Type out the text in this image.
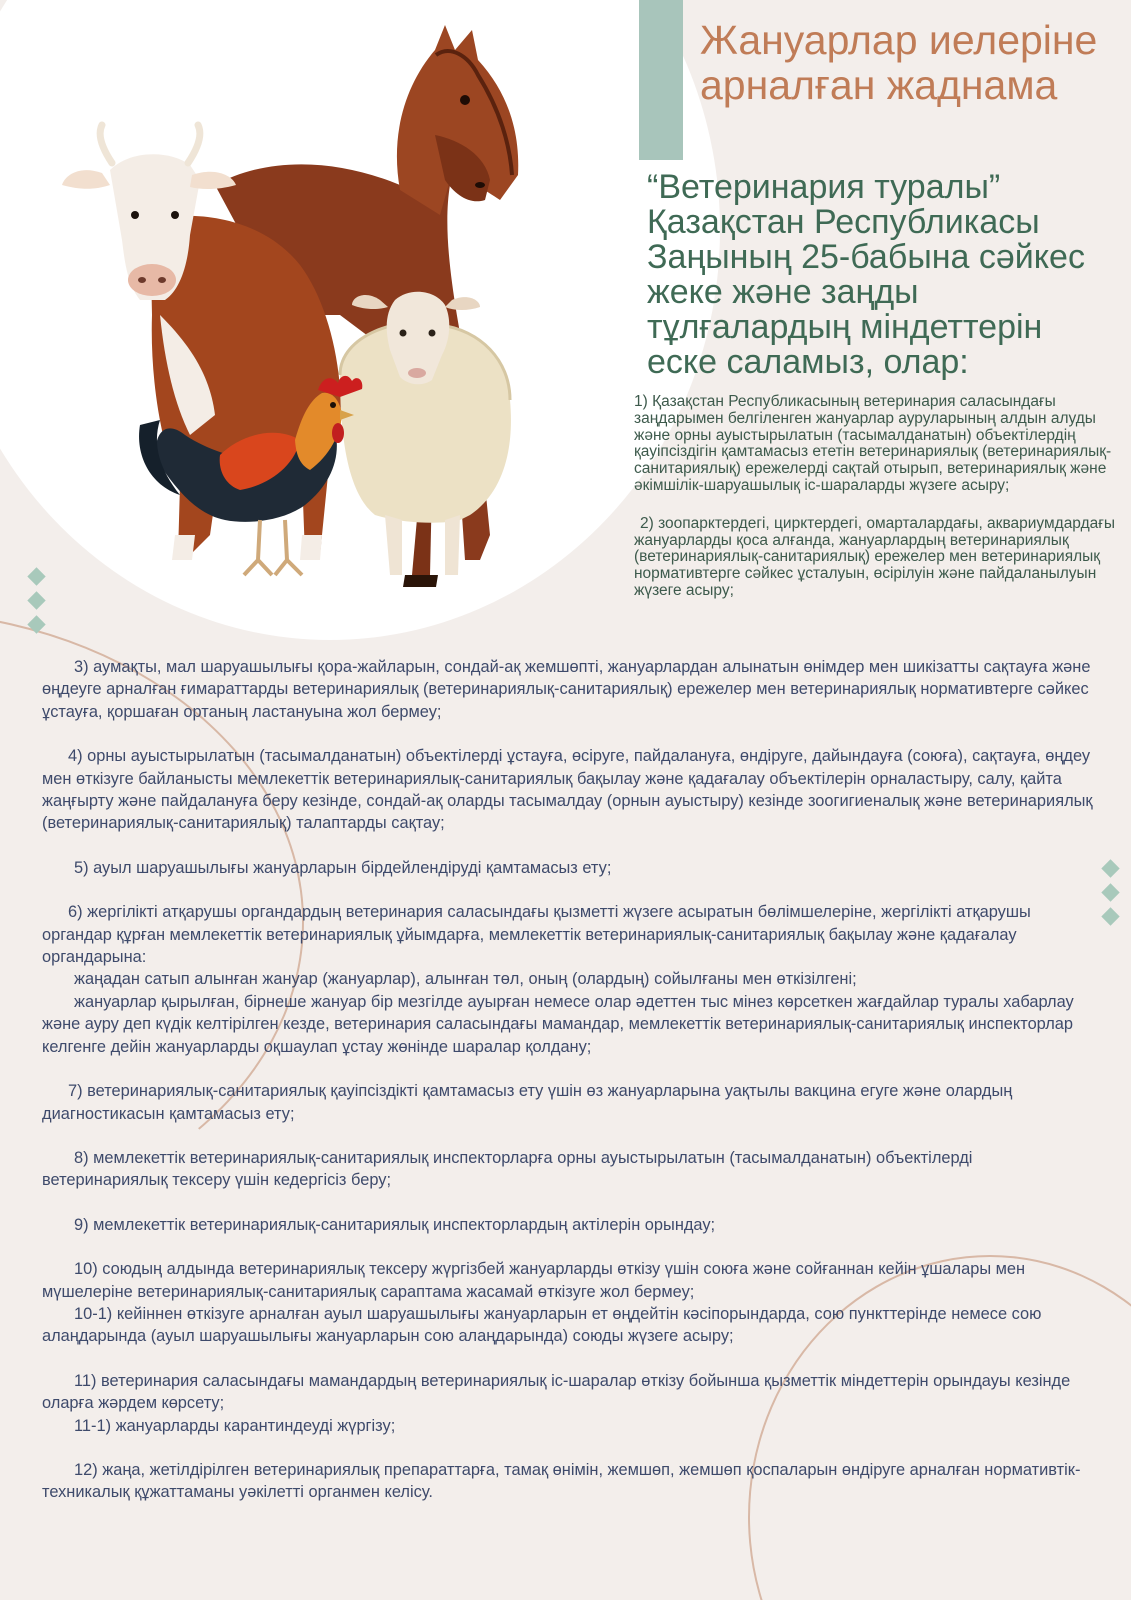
Жануарлар иелеріне арналған жаднама
“Ветеринария туралы” Қазақстан Республикасы Заңының 25-бабына сәйкес жеке және заңды тұлғалардың міндеттерін еске саламыз, олар:

1) Қазақстан Республикасының ветеринария саласындағы заңдарымен белгіленген жануарлар ауруларының алдын алуды және орны ауыстырылатын (тасымалданатын) объектілердің қауіпсіздігін қамтамасыз ететін ветеринариялық (ветеринариялық-санитариялық) ережелерді сақтай отырып, ветеринариялық және әкімшілік-шаруашылық іс-шараларды жүзеге асыру;

2) зоопарктердегі, цирктердегі, омарталардағы, аквариумдардағы жануарларды қоса алғанда, жануарлардың ветеринариялық (ветеринариялық-санитариялық) ережелер мен ветеринариялық нормативтерге сәйкес ұсталуын, өсірілуін және пайдаланылуын жүзеге асыру;

3) аумақты, мал шаруашылығы қора-жайларын, сондай-ақ жемшөпті, жануарлардан алынатын өнімдер мен шикізатты сақтауға және өңдеуге арналған ғимараттарды ветеринариялық (ветеринариялық-санитариялық) ережелер мен ветеринариялық нормативтерге сәйкес ұстауға, қоршаған ортаның ластануына жол бермеу;

4) орны ауыстырылатын (тасымалданатын) объектілерді ұстауға, өсіруге, пайдалануға, өндіруге, дайындауға (союға), сақтауға, өңдеу мен өткізуге байланысты мемлекеттік ветеринариялық-санитариялық бақылау және қадағалау объектілерін орналастыру, салу, қайта жаңғырту және пайдалануға беру кезінде, сондай-ақ оларды тасымалдау (орнын ауыстыру) кезінде зоогигиеналық және ветеринариялық (ветеринариялық-санитариялық) талаптарды сақтау;

5) ауыл шаруашылығы жануарларын бірдейлендіруді қамтамасыз ету;

6) жергілікті атқарушы органдардың ветеринария саласындағы қызметті жүзеге асыратын бөлімшелеріне, жергілікті атқарушы органдар құрған мемлекеттік ветеринариялық ұйымдарға, мемлекеттік ветеринариялық-санитариялық бақылау және қадағалау органдарына:

жаңадан сатып алынған жануар (жануарлар), алынған төл, оның (олардың) сойылғаны мен өткізілгені;

жануарлар қырылған, бірнеше жануар бір мезгілде ауырған немесе олар әдеттен тыс мінез көрсеткен жағдайлар туралы хабарлау және ауру деп күдік келтірілген кезде, ветеринария саласындағы мамандар, мемлекеттік ветеринариялық-санитариялық инспекторлар келгенге дейін жануарларды оқшаулап ұстау жөнінде шаралар қолдану;

7) ветеринариялық-санитариялық қауіпсіздікті қамтамасыз ету үшін өз жануарларына уақтылы вакцина егуге және олардың диагностикасын қамтамасыз ету;

8) мемлекеттік ветеринариялық-санитариялық инспекторларға орны ауыстырылатын (тасымалданатын) объектілерді ветеринариялық тексеру үшін кедергісіз беру;

9) мемлекеттік ветеринариялық-санитариялық инспекторлардың актілерін орындау;

10) союдың алдында ветеринариялық тексеру жүргізбей жануарларды өткізу үшін союға және сойғаннан кейін ұшалары мен мүшелеріне ветеринариялық-санитариялық сараптама жасамай өткізуге жол бермеу;

10-1) кейіннен өткізуге арналған ауыл шаруашылығы жануарларын ет өңдейтін кәсіпорындарда, сою пункттерінде немесе сою алаңдарында (ауыл шаруашылығы жануарларын сою алаңдарында) союды жүзеге асыру;

11) ветеринария саласындағы мамандардың ветеринариялық іс-шаралар өткізу бойынша қызметтік міндеттерін орындауы кезінде оларға жәрдем көрсету;

11-1) жануарларды карантиндеуді жүргізу;

12) жаңа, жетілдірілген ветеринариялық препараттарға, тамақ өнімін, жемшөп, жемшөп қоспаларын өндіруге арналған нормативтік-техникалық құжаттаманы уәкілетті органмен келісу.
